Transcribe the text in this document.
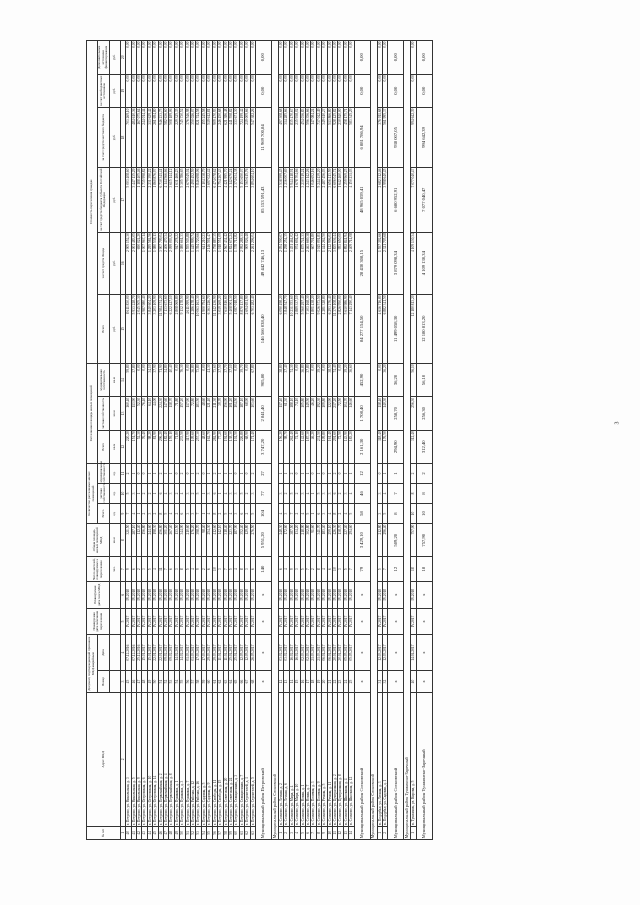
№ п/п	Адрес МКД	Документ, подтверждающий признание МКД аварийным		Планируемая дата окончания переселения	Планируемая дата сноса МКД	Число жителей, планируемых к переселению	Общая площадь жилых помещений МКД	Количество расселяемых жилых помещений			Расселяемая площадь жилых помещений			Стоимость переселения граждан					
		Номер	Дата					Всего	частная собственность	муниципальная собственность	Всего	частная собственность	муниципальная собственность	Всего	за счет средств Фонда	за счет средств бюджета субъекта Российской Федерации	за счет средств местного бюджета	за счет внебюджетных источников	Дополнительные источники финансирования
						чел.	кв.м	ед.	ед.	ед.	кв.м	кв.м	кв.м	руб.	руб.	руб.	руб.	руб.	руб.
1	2	3	4	5	6	7	8	9	10	11	12	13	14	15	16	17	18	19	20
40	г. Петрово, ул. Никольская, д. 3	45	07.12.2016	IV.2017	IV.2018	9	321,50	7	5	2	220,20	160,40	59,80	8 611 830,00	2 905 152,30	5 003 408,60	703 269,10	0,00	0,00
41	г. Петрово, ул. Никольская, д. 5	46	07.12.2016	IV.2017	IV.2018	6	287,10	4	3	1	151,70	113,90	37,80	5 933 228,70	2 001 483,05	3 447 135,29	484 610,36	0,00	0,00
42	г. Петрово, ул. Никольская, д. 9	47	25.12.2016	IV.2017	IV.2018	2	112,40	1	1	0	52,30	52,30	0,00	2 045 505,30	690 024,20	1 188 405,46	167 075,64	0,00	0,00
43	г. Петрово, ул. Островская, д. 6	48	15.01.2017	IV.2017	IV.2018	3	156,80	2	2	0	76,40	76,40	0,00	2 987 980,40	1 007 967,14	1 735 998,82	244 014,44	0,00	0,00
44	г. Петрово, ул. Островская, д. 10	49	15.01.2017	IV.2017	IV.2018	5	244,60	3	2	1	98,20	64,10	34,10	3 840 604,20	1 295 584,56	2 231 390,22	313 629,42	0,00	0,00
45	г. Петрово, ул. Островская, д. 14	50	22.01.2017	IV.2017	IV.2018	4	198,30	2	1	1	81,90	44,00	37,90	3 203 109,90	1 080 538,13	1 860 876,97	261 694,80	0,00	0,00
46	г. Петрово, ул. Первомайская, д. 2	51	22.01.2017	IV.2017	IV.2018	11	456,80	8	6	2	296,20	224,30	71,90	11 584 374,20	3 907 799,04	6 730 341,41	946 233,75	0,00	0,00
47	г. Петрово, ул. Первомайская, д. 4	52	09.02.2017	IV.2017	IV.2018	7	301,20	5	4	1	182,40	147,60	34,80	7 133 673,60	2 406 470,34	4 144 566,66	582 636,60	0,00	0,00
48	г. Петрово, ул. Первомайская, д. 8	53	09.02.2017	IV.2017	IV.2018	6	267,40	4	3	1	159,10	118,70	40,40	6 222 427,10	2 099 093,92	3 615 144,12	508 189,06	0,00	0,00
49	г. Петрово, ул. Пушкина, д. 1	54	14.02.2017	IV.2017	IV.2018	3	133,50	2	2	0	71,80	71,80	0,00	2 808 069,80	947 278,22	1 631 466,23	229 325,35	0,00	0,00
50	г. Петрово, ул. Пушкина, д. 3	55	14.02.2017	IV.2017	IV.2018	8	344,90	6	4	2	233,50	157,20	76,30	9 132 178,50	3 080 661,33	5 305 786,65	745 730,52	0,00	0,00
51	г. Петрово, ул. Пушкина, д. 7	56	01.03.2017	IV.2017	IV.2018	5	210,60	3	3	0	117,90	117,90	0,00	4 611 099,90	1 555 503,88	2 679 049,04	376 546,98	0,00	0,00
52	г. Петрово, ул. Рабочая, д. 12	57	01.03.2017	IV.2017	IV.2018	4	176,20	3	2	1	109,60	72,80	36,80	4 286 478,40	1 445 999,74	2 490 452,59	350 026,07	0,00	0,00
53	г. Петрово, ул. Рабочая, д. 16	58	17.03.2017	IV.2017	IV.2018	9	398,70	7	5	2	257,30	183,50	73,80	10 063 163,30	3 394 720,66	5 846 698,06	821 744,58	0,00	0,00
54	г. Петрово, ул. Садовая, д. 5	59	17.03.2017	IV.2017	IV.2018	2	98,40	1	1	0	48,60	48,60	0,00	1 900 794,60	641 210,23	1 104 338,79	155 245,58	0,00	0,00
55	г. Петрово, ул. Садовая, д. 9	60	29.03.2017	IV.2017	IV.2018	6	254,30	4	3	1	162,70	121,40	41,30	6 363 226,70	2 146 591,47	3 697 022,42	519 612,81	0,00	0,00
56	г. Петрово, ул. Свободы, д. 11	61	29.03.2017	IV.2017	IV.2018	10	412,60	8	6	2	284,90	211,30	73,60	11 142 436,90	3 758 887,35	6 474 078,62	909 470,93	0,00	0,00
57	г. Петрово, ул. Свободы, д. 15	62	11.04.2017	IV.2017	IV.2018	3	142,10	2	1	1	77,20	39,70	37,50	3 019 269,20	1 018 551,09	1 754 267,43	246 450,68	0,00	0,00
58	г. Петрово, ул. Советская, д. 20	63	11.04.2017	IV.2017	IV.2018	7	318,40	5	4	1	194,60	156,90	37,70	7 610 816,60	2 567 434,42	4 421 995,70	621 386,48	0,00	0,00
59	г. Петрово, ул. Советская, д. 24	64	25.04.2017	IV.2017	IV.2018	5	223,70	4	3	1	138,30	101,20	37,10	5 408 901,30	1 824 672,24	3 142 670,24	441 558,82	0,00	0,00
60	г. Петрово, ул. Станционная, д. 3	65	25.04.2017	IV.2017	IV.2018	4	187,90	3	3	0	104,50	104,50	0,00	4 087 018,50	1 378 712,82	2 374 634,38	333 671,30	0,00	0,00
61	г. Петрово, ул. Станционная, д. 7	66	12.05.2017	IV.2017	IV.2018	8	352,40	6	5	1	226,80	187,10	39,70	8 870 137,80	2 992 288,31	5 153 650,07	724 199,42	0,00	0,00
62	г. Петрово, ул. Строителей, д. 1	67	12.05.2017	IV.2017	IV.2018	3	129,80	2	2	0	68,90	68,90	0,00	2 694 651,90	909 026,48	1 565 615,76	219 009,66	0,00	0,00
63	г. Петрово, ул. Строителей, д. 5	68	26.05.2017	IV.2017	IV.2018	6	276,50	5	3	2	171,40	103,60	67,80	6 703 282,40	2 261 296,04	3 894 604,10	547 382,26	0,00	0,00
Муниципальный район Петровский		х	х	х	х	140	5 951,20	104	77	27	3 747,20	2 841,40	905,80	146 566 038,40	49 442 746,13	85 153 591,43	11 969 700,84	0,00	0,00
Муниципальный район Сосновский																			
1	п. Сосново, ул. Лесная, д. 2	12	03.02.2017	IV.2017	IV.2018	6	248,30	4	3	1	156,20	117,40	38,80	6 090 498,20	2 054 590,07	3 538 599,45	497 308,68	0,00	0,00
2	п. Сосново, ул. Лесная, д. 6	13	03.02.2017	IV.2017	IV.2018	4	172,60	3	2	1	98,70	61,30	37,40	3 848 547,70	1 298 254,35	2 236 007,69	314 285,66	0,00	0,00
3	п. Сосново, ул. Мира, д. 4	14	16.02.2017	IV.2017	IV.2018	9	387,50	7	5	2	262,40	188,10	74,30	10 231 353,60	3 451 464,02	5 944 418,91	835 470,67	0,00	0,00
4	п. Сосново, ул. Мира, д. 10	15	16.02.2017	IV.2017	IV.2018	3	134,20	2	2	0	74,10	74,10	0,00	2 889 337,10	974 694,42	1 678 704,66	235 938,02	0,00	0,00
5	п. Сосново, ул. Новая, д. 1	16	02.03.2017	IV.2017	IV.2018	5	218,90	4	3	1	142,60	105,80	36,80	5 560 297,40	1 875 741,33	3 230 519,24	454 036,83	0,00	0,00
6	п. Сосново, ул. Новая, д. 7	17	02.03.2017	IV.2017	IV.2018	7	302,80	5	4	1	187,30	149,50	37,80	7 303 168,30	2 463 669,38	4 243 142,26	596 356,66	0,00	0,00
7	п. Сосново, ул. Полевая, д. 3	18	21.03.2017	IV.2017	IV.2018	2	91,60	1	1	0	46,20	46,20	0,00	1 801 438,20	607 701,80	1 046 652,16	147 084,24	0,00	0,00
8	п. Сосново, ул. Полевая, д. 9	19	21.03.2017	IV.2017	IV.2018	8	341,70	6	5	1	231,50	192,30	39,20	9 026 573,50	3 045 091,81	5 244 439,20	737 042,49	0,00	0,00
9	п. Сосново, ул. Речная, д. 5	20	06.04.2017	IV.2017	IV.2018	4	183,40	3	3	0	109,80	109,80	0,00	4 281 328,80	1 444 262,50	2 487 456,03	349 610,27	0,00	0,00
10	п. Сосново, ул. Речная, д. 11	21	06.04.2017	IV.2017	IV.2018	6	259,10	4	3	1	161,40	122,90	38,50	6 293 276,40	2 122 996,01	3 656 413,59	513 866,80	0,00	0,00
11	п. Сосново, ул. Центральная, д. 2	22	20.04.2017	IV.2017	IV.2018	10	426,30	8	6	2	291,60	217,20	74,40	11 370 108,00	3 835 636,44	6 606 045,74	928 425,82	0,00	0,00
12	п. Сосново, ул. Центральная, д. 8	23	20.04.2017	IV.2017	IV.2018	3	138,70	2	2	0	72,50	72,50	0,00	2 826 950,00	953 650,00	1 642 460,00	230 840,00	0,00	0,00
13	п. Сосново, ул. Школьная, д. 4	24	05.05.2017	IV.2017	IV.2018	5	227,40	4	3	1	143,90	104,70	39,20	5 610 986,90	1 892 841,94	3 259 969,25	458 175,71	0,00	0,00
14	п. Сосново, ул. Школьная, д. 12	25	05.05.2017	IV.2017	IV.2018	7	294,60	5	4	1	183,20	146,60	36,60	7 143 290,40	2 409 714,08	4 150 231,03	583 345,29	0,00	0,00
Муниципальный район Сосновский		х	х	х	х	79	3 429,10	58	46	12	2 161,30	1 708,40	452,90	84 277 154,50	28 430 308,15	48 965 059,41	6 881 786,94	0,00	0,00
Муниципальный район Сосновский																			
1	п. Поддубье, ул. Лесная, д. 3	31	12.03.2017	IV.2017	IV.2018	5	212,80	3	3	0	118,40	118,40	0,00	4 616 716,80	1 557 392,66	2 682 312,46	376 011,68	0,00	0,00
2	п. Поддубье, ул. Садовая, д. 1	32	12.03.2017	IV.2017	IV.2018	7	296,40	5	4	1	176,50	140,30	36,20	6 882 341,50	2 321 705,68	3 998 640,45	561 995,37	0,00	0,00
Муниципальный район Сосновский		х	х	х	х	12	509,20	8	7	1	294,90	258,70	36,20	11 499 058,30	3 879 098,34	6 680 952,91	938 007,05	0,00	0,00
Муниципальный район Тунжинско-Заречный																			
1	п. Тунжинск, ул. Кирова, д. 5	40	14.04.2017	IV.2017	IV.2018	18	757,90	10	8	2	312,40	256,30	56,10	12 180 813,20	4 109 130,34	7 077 040,47	994 642,39	0,00	0,00
Муниципальный район Тунжинско-Заречный		х	х	х	х	18	757,90	10	8	2	312,40	256,30	56,10	12 180 813,20	4 109 130,34	7 077 040,47	994 642,39	0,00	0,00
3
